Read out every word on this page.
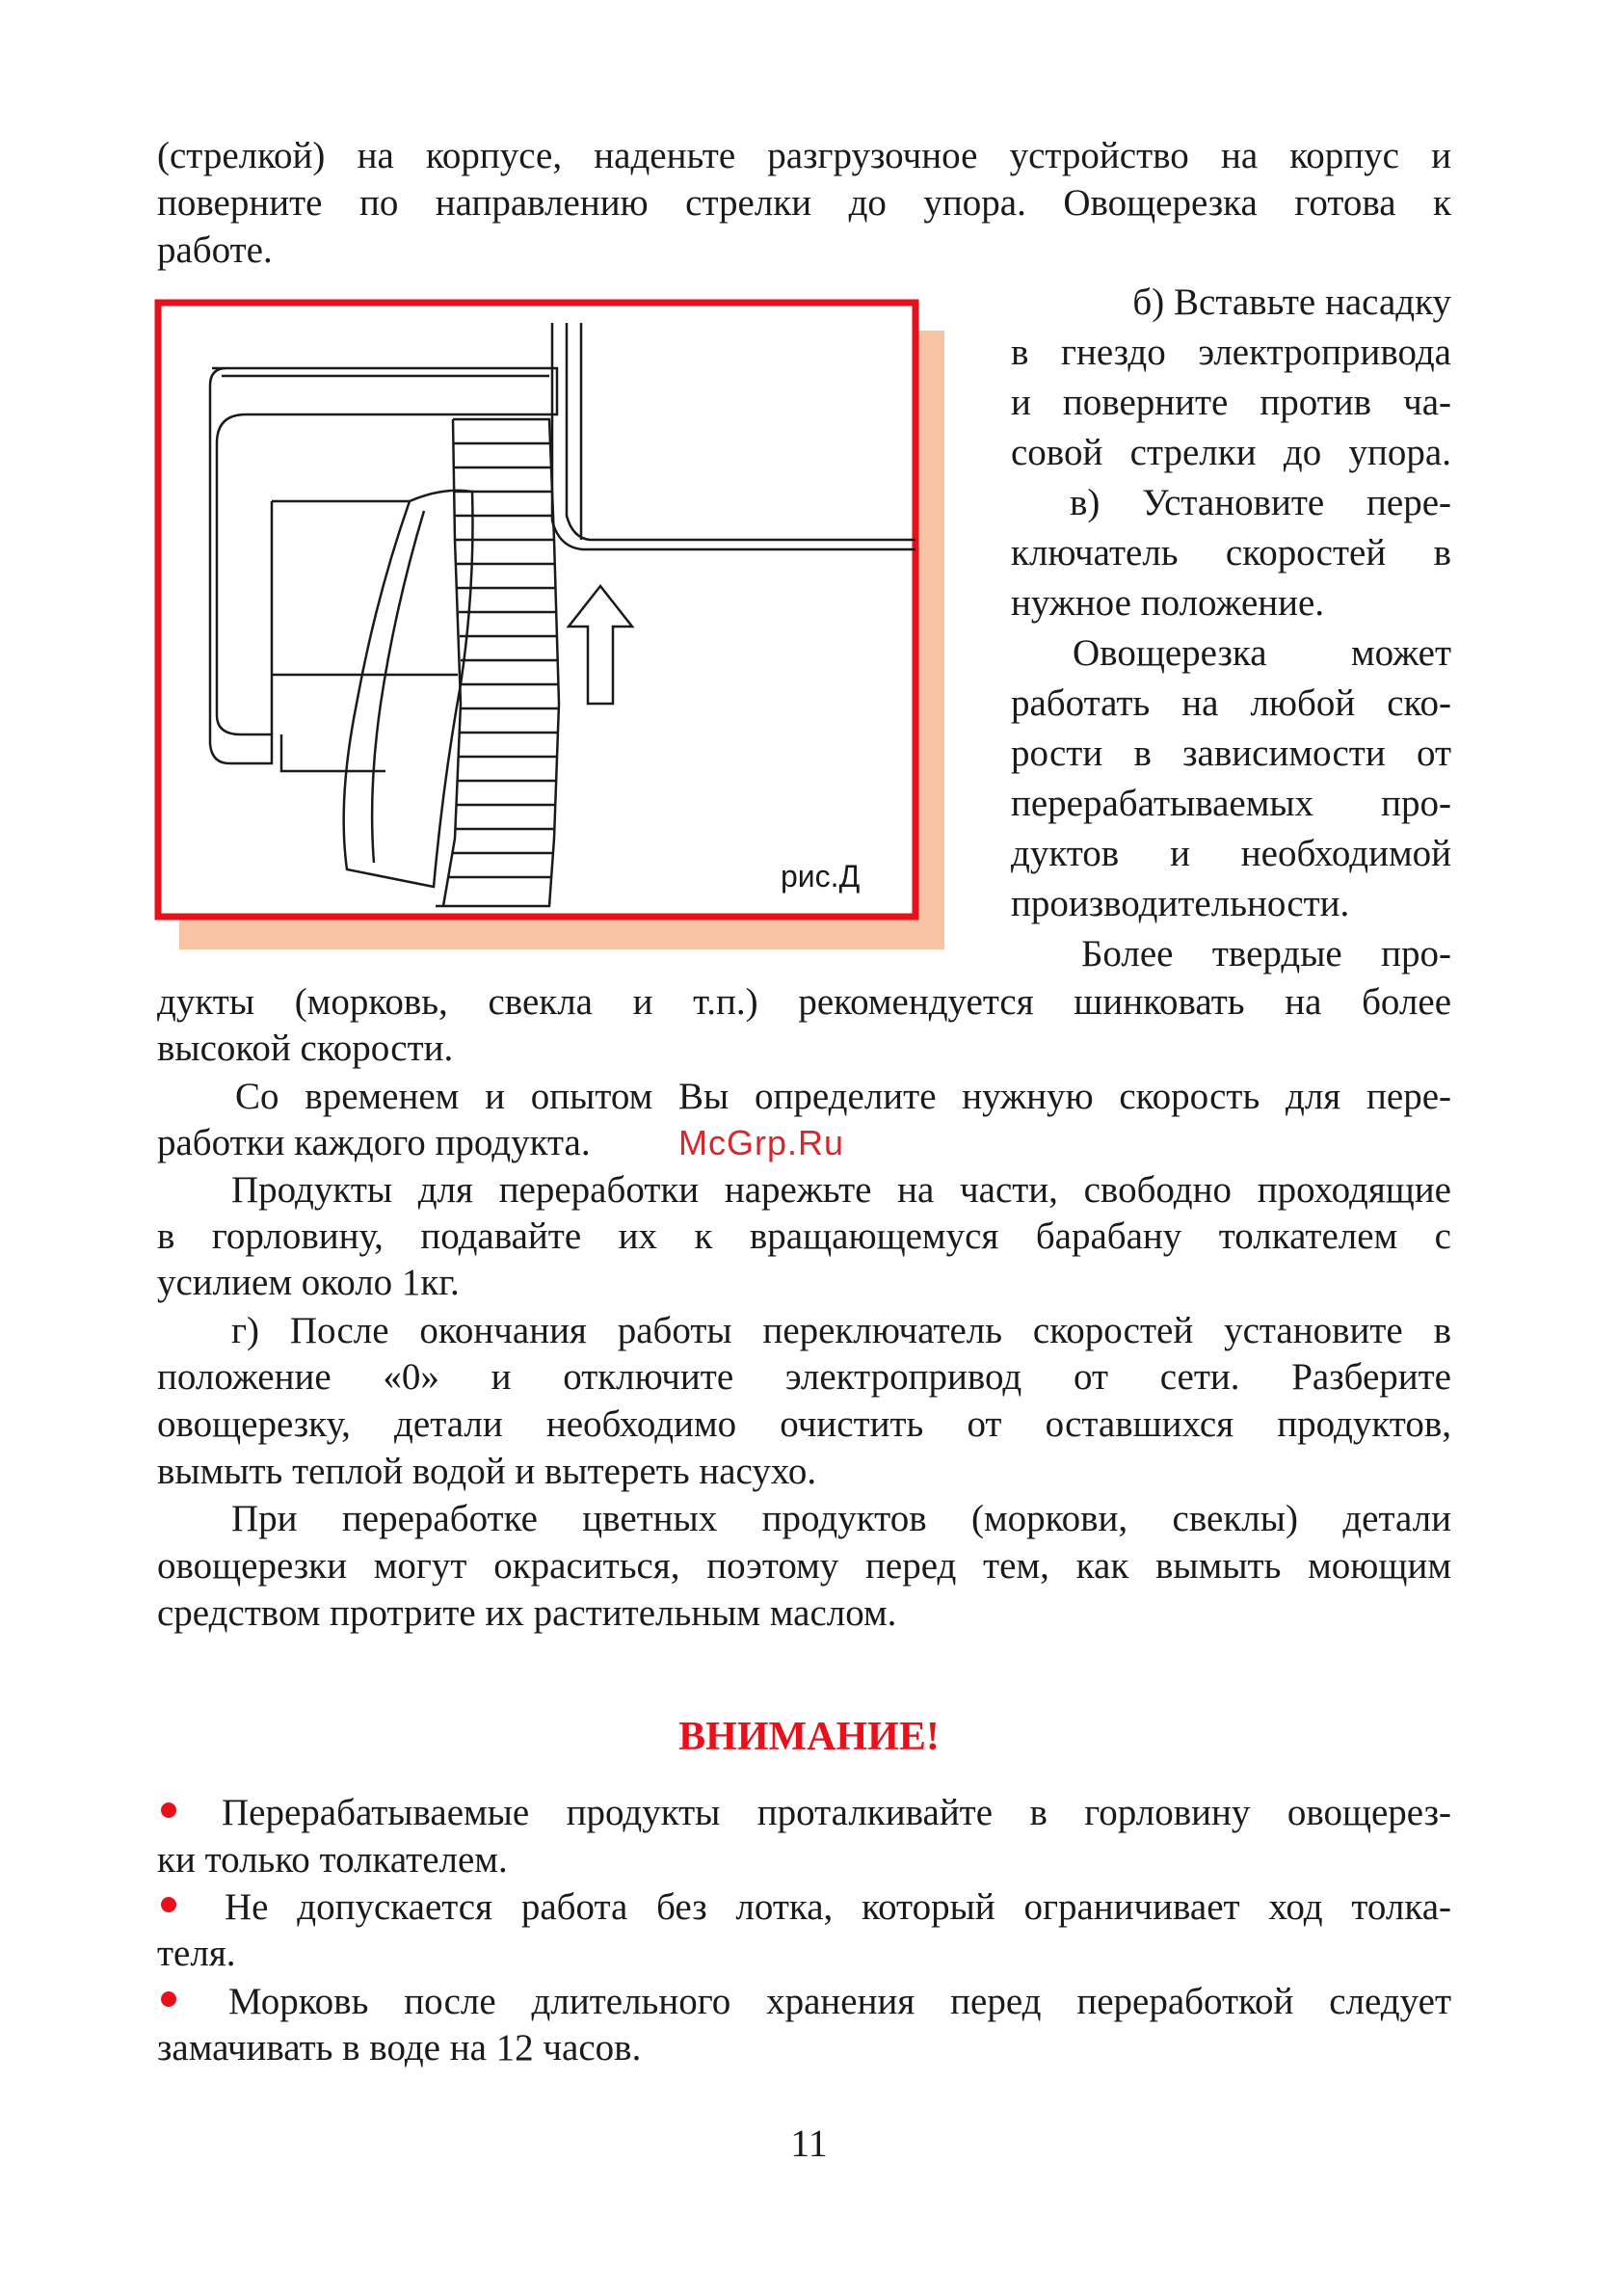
(стрелкой) на корпусе, наденьте разгрузочное устройство на корпус и
поверните по направлению стрелки до упора. Овощерезка готова к
работе.
рис.Д
б) Вставьте насадку
в гнездо электропривода
и поверните против ча-
совой стрелки до упора.
в) Установите пере-
ключатель скоростей в
нужное положение.
Овощерезка может
работать на любой ско-
рости в зависимости от
перерабатываемых про-
дуктов и необходимой
производительности.
Более твердые про-
дукты (морковь, свекла и т.п.) рекомендуется шинковать на более
высокой скорости.
Со временем и опытом Вы определите нужную скорость для пере-
работки каждого продукта.	McGrp.Ru
Продукты для переработки нарежьте на части, свободно проходящие
в горловину, подавайте их к вращающемуся барабану толкателем с
усилием около 1кг.
г) После окончания работы переключатель скоростей установите в
положение «0» и отключите электропривод от сети. Разберите
овощерезку, детали необходимо очистить от оставшихся продуктов,
вымыть теплой водой и вытереть насухо.
При переработке цветных продуктов (моркови, свеклы) детали
овощерезки могут окраситься, поэтому перед тем, как вымыть моющим
средством протрите их растительным маслом.
ВНИМАНИЕ!
Перерабатываемые продукты проталкивайте в горловину овощерез-
ки только толкателем.
Не допускается работа без лотка, который ограничивает ход толка-
теля.
Морковь после длительного хранения перед переработкой следует
замачивать в воде на 12 часов.
11
